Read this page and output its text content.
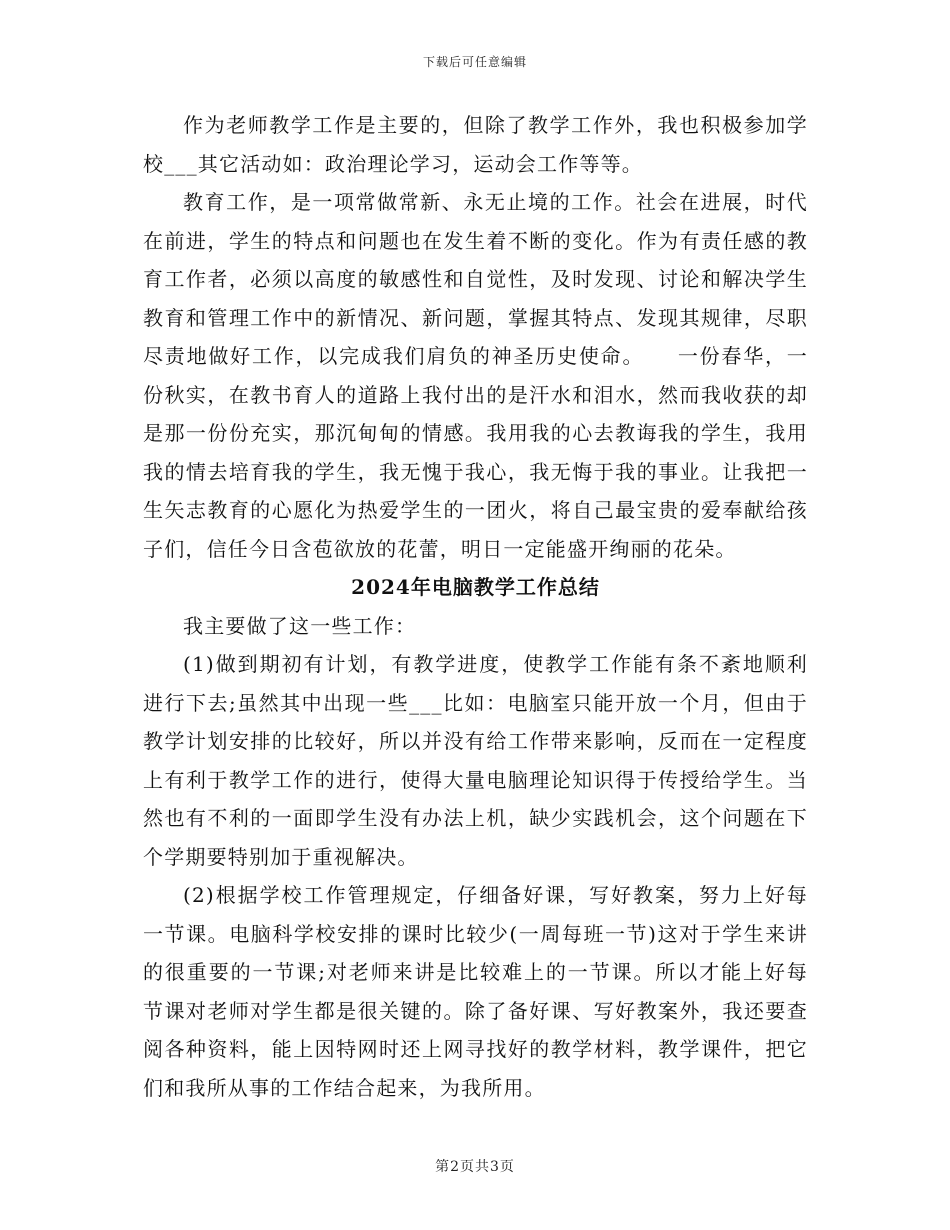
下载后可任意编辑

作为老师教学工作是主要的，但除了教学工作外，我也积极参加学校___其它活动如：政治理论学习，运动会工作等等。

教育工作，是一项常做常新、永无止境的工作。社会在进展，时代在前进，学生的特点和问题也在发生着不断的变化。作为有责任感的教育工作者，必须以高度的敏感性和自觉性，及时发现、讨论和解决学生教育和管理工作中的新情况、新问题，掌握其特点、发现其规律，尽职尽责地做好工作，以完成我们肩负的神圣历史使命。　　一份春华，一份秋实，在教书育人的道路上我付出的是汗水和泪水，然而我收获的却是那一份份充实，那沉甸甸的情感。我用我的心去教诲我的学生，我用我的情去培育我的学生，我无愧于我心，我无悔于我的事业。让我把一生矢志教育的心愿化为热爱学生的一团火，将自己最宝贵的爱奉献给孩子们，信任今日含苞欲放的花蕾，明日一定能盛开绚丽的花朵。

2024年电脑教学工作总结

我主要做了这一些工作：

(1)做到期初有计划，有教学进度，使教学工作能有条不紊地顺利进行下去;虽然其中出现一些___比如：电脑室只能开放一个月，但由于教学计划安排的比较好，所以并没有给工作带来影响，反而在一定程度上有利于教学工作的进行，使得大量电脑理论知识得于传授给学生。当然也有不利的一面即学生没有办法上机，缺少实践机会，这个问题在下个学期要特别加于重视解决。

(2)根据学校工作管理规定，仔细备好课，写好教案，努力上好每一节课。电脑科学校安排的课时比较少(一周每班一节)这对于学生来讲的很重要的一节课;对老师来讲是比较难上的一节课。所以才能上好每节课对老师对学生都是很关键的。除了备好课、写好教案外，我还要查阅各种资料，能上因特网时还上网寻找好的教学材料，教学课件，把它们和我所从事的工作结合起来，为我所用。

第2页共3页
